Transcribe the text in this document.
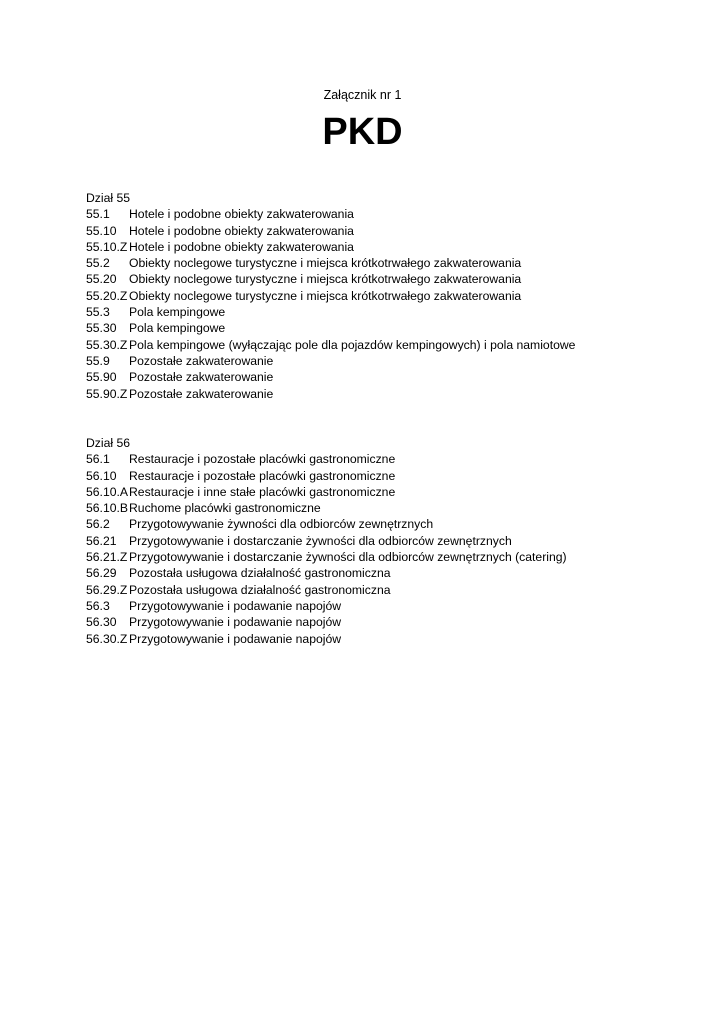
Załącznik nr 1
PKD
Dział 55
55.1 Hotele i podobne obiekty zakwaterowania
55.10 Hotele i podobne obiekty zakwaterowania
55.10.Z Hotele i podobne obiekty zakwaterowania
55.2 Obiekty noclegowe turystyczne i miejsca krótkotrwałego zakwaterowania
55.20 Obiekty noclegowe turystyczne i miejsca krótkotrwałego zakwaterowania
55.20.Z Obiekty noclegowe turystyczne i miejsca krótkotrwałego zakwaterowania
55.3 Pola kempingowe
55.30 Pola kempingowe
55.30.Z Pola kempingowe (wyłączając pole dla pojazdów kempingowych) i pola namiotowe
55.9 Pozostałe zakwaterowanie
55.90 Pozostałe zakwaterowanie
55.90.Z Pozostałe zakwaterowanie
Dział 56
56.1 Restauracje i pozostałe placówki gastronomiczne
56.10 Restauracje i pozostałe placówki gastronomiczne
56.10.ARestauracje i inne stałe placówki gastronomiczne
56.10.BRuchome placówki gastronomiczne
56.2 Przygotowywanie żywności dla odbiorców zewnętrznych
56.21 Przygotowywanie i dostarczanie żywności dla odbiorców zewnętrznych
56.21.Z Przygotowywanie i dostarczanie żywności dla odbiorców zewnętrznych (catering)
56.29 Pozostała usługowa działalność gastronomiczna
56.29.Z Pozostała usługowa działalność gastronomiczna
56.3 Przygotowywanie i podawanie napojów
56.30 Przygotowywanie i podawanie napojów
56.30.Z Przygotowywanie i podawanie napojów
